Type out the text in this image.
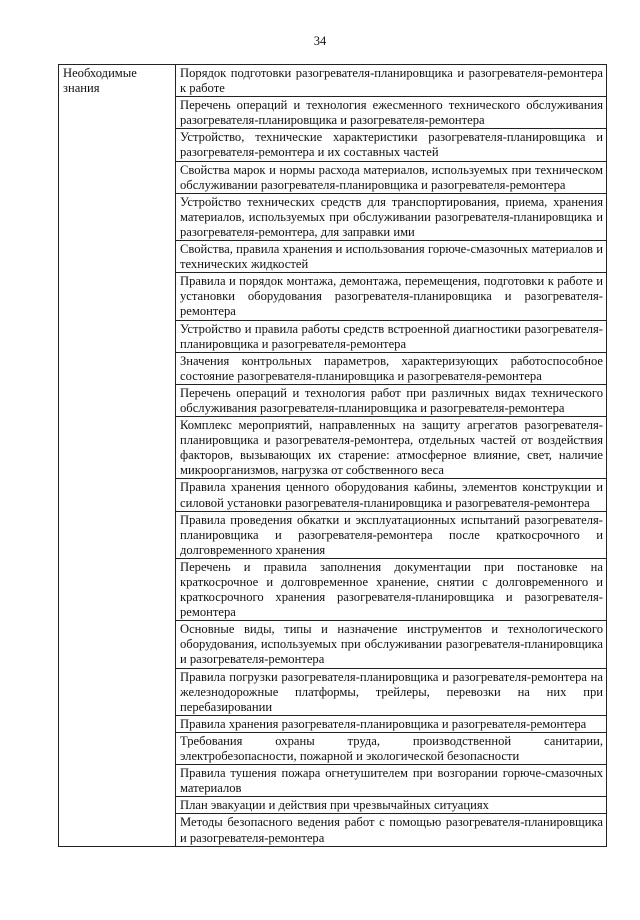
34
Необходимые знания	
Порядок подготовки разогревателя-планировщика и разогревателя-ремонтера к работе

Перечень операций и технология ежесменного технического обслуживания разогревателя-планировщика и разогревателя-ремонтера

Устройство, технические характеристики разогревателя-планировщика и разогревателя-ремонтера и их составных частей

Свойства марок и нормы расхода материалов, используемых при техническом обслуживании разогревателя-планировщика и разогревателя-ремонтера

Устройство технических средств для транспортирования, приема, хранения материалов, используемых при обслуживании разогревателя-планировщика и разогревателя-ремонтера, для заправки ими

Свойства, правила хранения и использования горюче-смазочных материалов и технических жидкостей

Правила и порядок монтажа, демонтажа, перемещения, подготовки к работе и установки оборудования разогревателя-планировщика и разогревателя-ремонтера

Устройство и правила работы средств встроенной диагностики разогревателя-планировщика и разогревателя-ремонтера

Значения контрольных параметров, характеризующих работоспособное состояние разогревателя-планировщика и разогревателя-ремонтера

Перечень операций и технология работ при различных видах технического обслуживания разогревателя-планировщика и разогревателя-ремонтера

Комплекс мероприятий, направленных на защиту агрегатов разогревателя-планировщика и разогревателя-ремонтера, отдельных частей от воздействия факторов, вызывающих их старение: атмосферное влияние, свет, наличие микроорганизмов, нагрузка от собственного веса

Правила хранения ценного оборудования кабины, элементов конструкции и силовой установки разогревателя-планировщика и разогревателя-ремонтера

Правила проведения обкатки и эксплуатационных испытаний разогревателя-планировщика и разогревателя-ремонтера после краткосрочного и долговременного хранения

Перечень и правила заполнения документации при постановке на краткосрочное и долговременное хранение, снятии с долговременного и краткосрочного хранения разогревателя-планировщика и разогревателя-ремонтера

Основные виды, типы и назначение инструментов и технологического оборудования, используемых при обслуживании разогревателя-планировщика и разогревателя-ремонтера

Правила погрузки разогревателя-планировщика и разогревателя-ремонтера на железнодорожные платформы, трейлеры, перевозки на них при перебазировании

Правила хранения разогревателя-планировщика и разогревателя-ремонтера

Требования охраны труда, производственной санитарии, электробезопасности, пожарной и экологической безопасности

Правила тушения пожара огнетушителем при возгорании горюче-смазочных материалов

План эвакуации и действия при чрезвычайных ситуациях

Методы безопасного ведения работ с помощью разогревателя-планировщика и разогревателя-ремонтера
